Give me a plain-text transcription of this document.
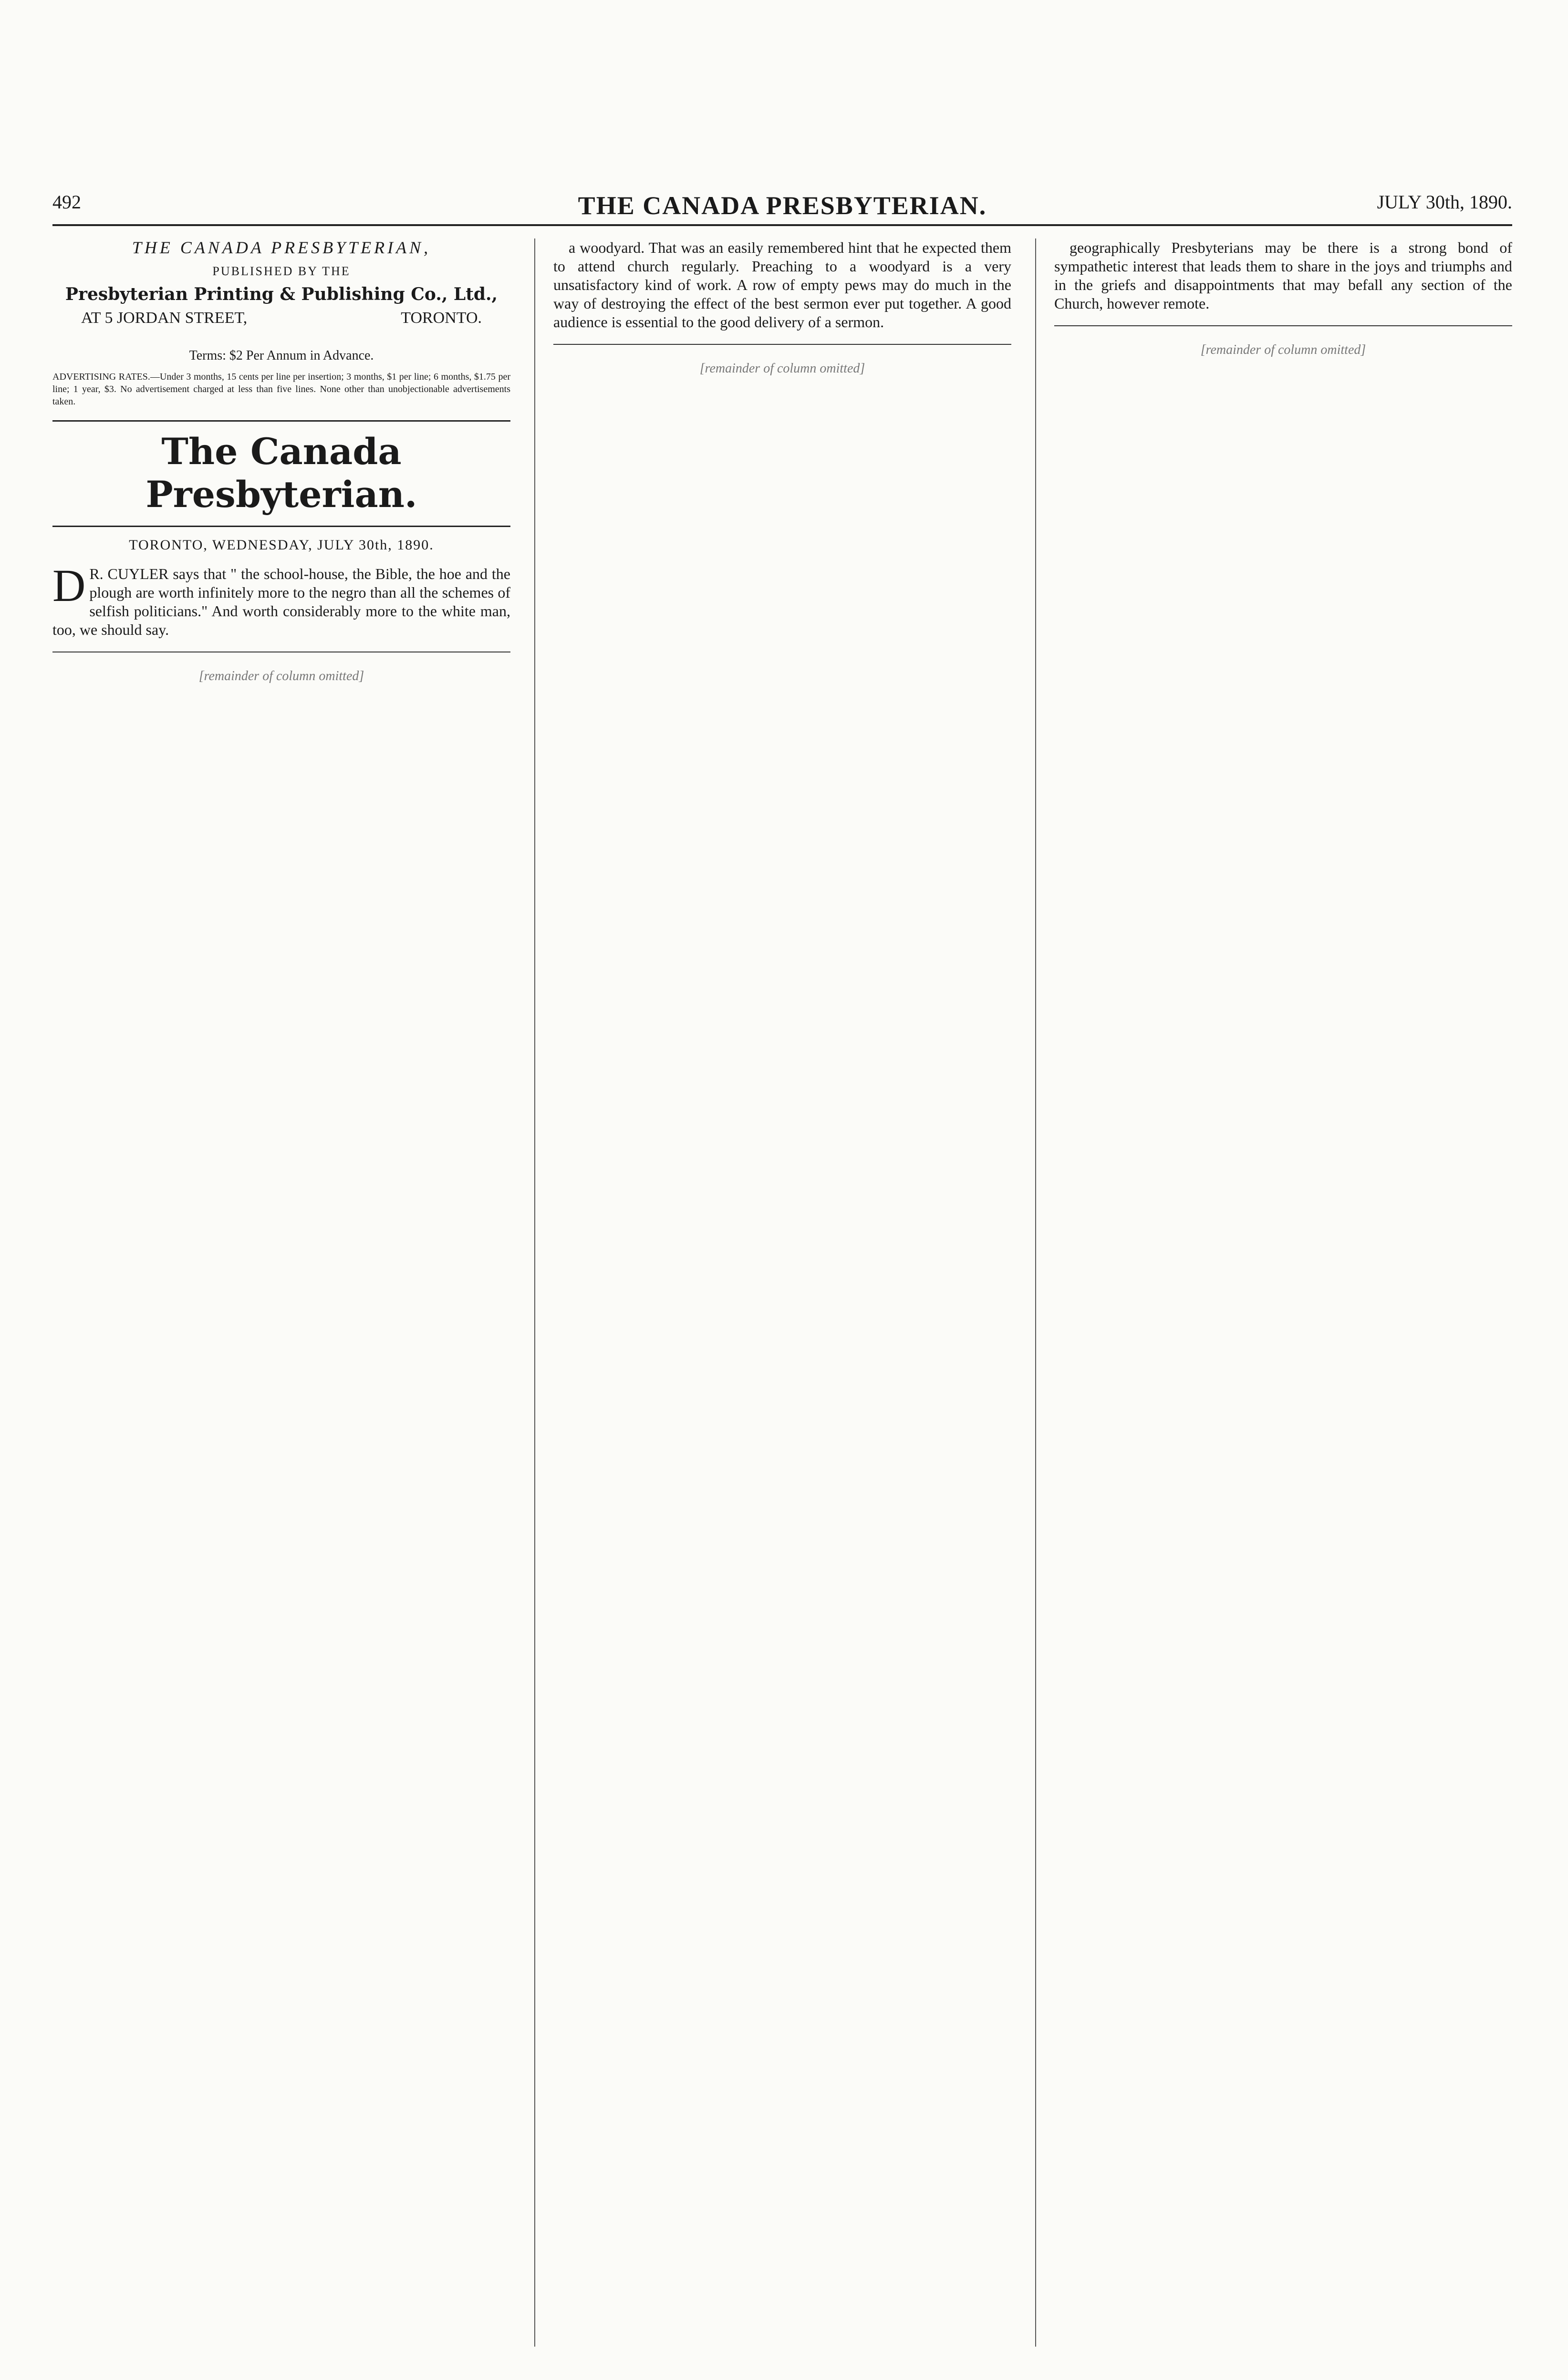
492	THE CANADA PRESBYTERIAN.	JULY 30th, 1890.
THE CANADA PRESBYTERIAN,
PUBLISHED BY THE
Presbyterian Printing & Publishing Co., Ltd.,
AT 5 JORDAN STREET,	TORONTO.
Terms: $2 Per Annum in Advance.
ADVERTISING RATES.—Under 3 months, 15 cents per line per insertion; 3 months, $1 per line; 6 months, $1.75 per line; 1 year, $3. No advertisement charged at less than five lines. None other than unobjectionable advertisements taken.
The Canada Presbyterian.
TORONTO, WEDNESDAY, JULY 30th, 1890.

DR. CUYLER says that " the school-house, the Bible, the hoe and the plough are worth infinitely more to the negro than all the schemes of selfish politicians." And worth considerably more to the white man, too, we should say.

[remainder of column omitted]

a woodyard. That was an easily remembered hint that he expected them to attend church regularly. Preaching to a woodyard is a very unsatisfactory kind of work. A row of empty pews may do much in the way of destroying the effect of the best sermon ever put together. A good audience is essential to the good delivery of a sermon.

[remainder of column omitted]

geographically Presbyterians may be there is a strong bond of sympathetic interest that leads them to share in the joys and triumphs and in the griefs and disappointments that may befall any section of the Church, however remote.

[remainder of column omitted]
